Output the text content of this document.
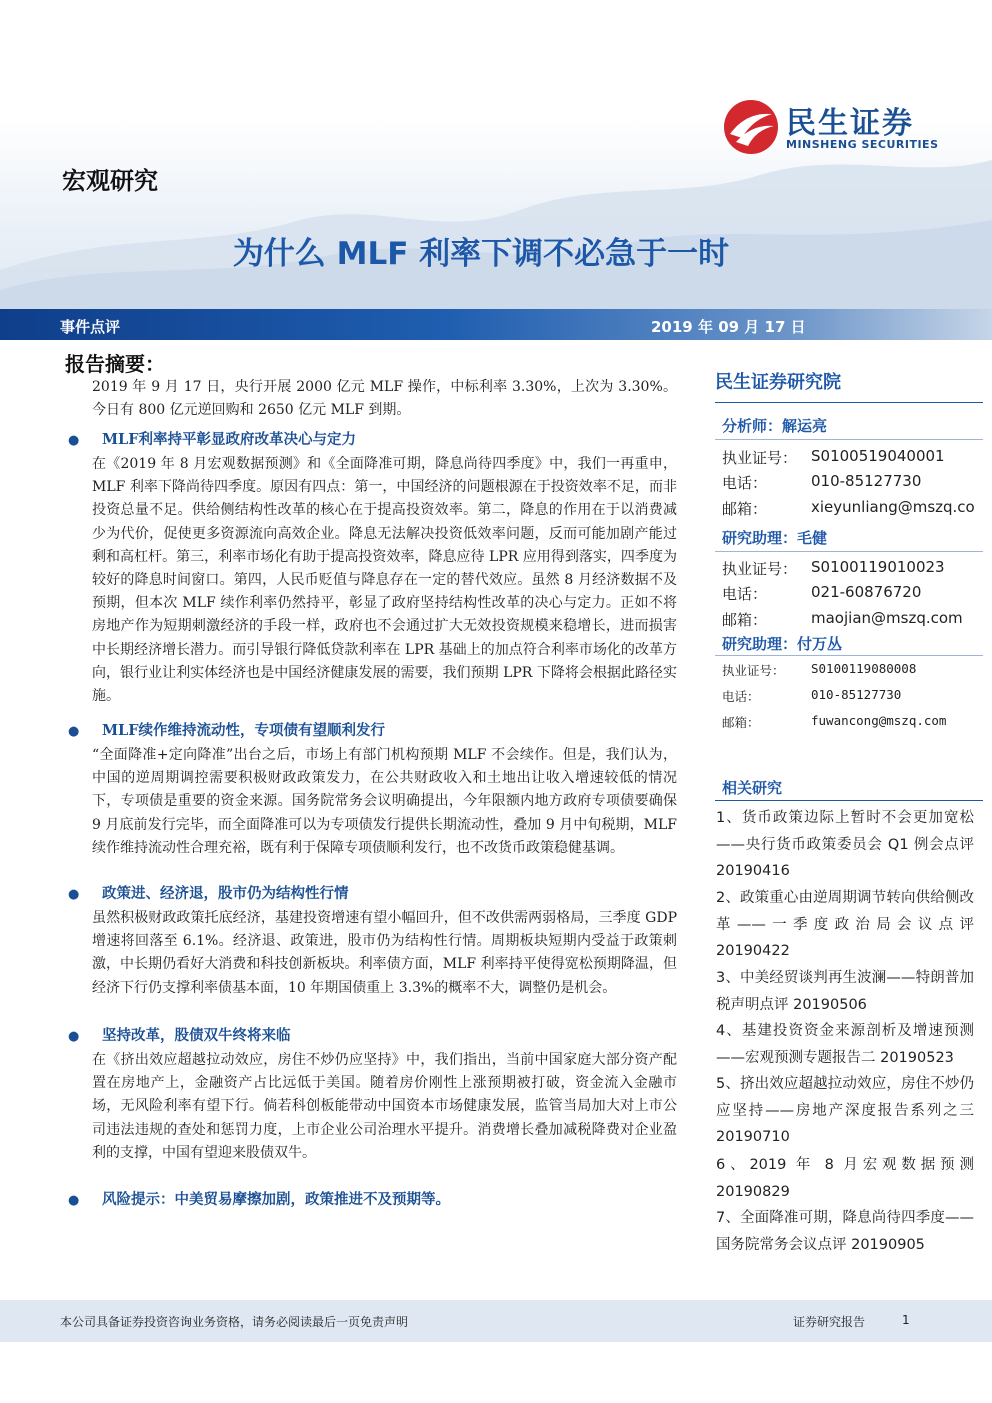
民生证券
MINSHENG SECURITIES
宏观研究
为什么 MLF 利率下调不必急于一时
事件点评	2019 年 09 月 17 日
报告摘要：
2019 年 9 月 17 日，央行开展 2000 亿元 MLF 操作，中标利率 3.30%，上次为 3.30%。今日有 800 亿元逆回购和 2650 亿元 MLF 到期。
● MLF利率持平彰显政府改革决心与定力
在《2019 年 8 月宏观数据预测》和《全面降准可期，降息尚待四季度》中，我们一再重申，MLF 利率下降尚待四季度。原因有四点：第一，中国经济的问题根源在于投资效率不足，而非投资总量不足。供给侧结构性改革的核心在于提高投资效率。第二，降息的作用在于以消费减少为代价，促使更多资源流向高效企业。降息无法解决投资低效率问题，反而可能加剧产能过剩和高杠杆。第三，利率市场化有助于提高投资效率，降息应待 LPR 应用得到落实，四季度为较好的降息时间窗口。第四，人民币贬值与降息存在一定的替代效应。虽然 8 月经济数据不及预期，但本次 MLF 续作利率仍然持平，彰显了政府坚持结构性改革的决心与定力。正如不将房地产作为短期刺激经济的手段一样，政府也不会通过扩大无效投资规模来稳增长，进而损害中长期经济增长潜力。而引导银行降低贷款利率在 LPR 基础上的加点符合利率市场化的改革方向，银行业让利实体经济也是中国经济健康发展的需要，我们预期 LPR 下降将会根据此路径实施。
● MLF续作维持流动性，专项债有望顺利发行
“全面降准+定向降准”出台之后，市场上有部门机构预期 MLF 不会续作。但是，我们认为，中国的逆周期调控需要积极财政政策发力，在公共财政收入和土地出让收入增速较低的情况下，专项债是重要的资金来源。国务院常务会议明确提出，今年限额内地方政府专项债要确保 9 月底前发行完毕，而全面降准可以为专项债发行提供长期流动性，叠加 9 月中旬税期，MLF 续作维持流动性合理充裕，既有利于保障专项债顺利发行，也不改货币政策稳健基调。
● 政策进、经济退，股市仍为结构性行情
虽然积极财政政策托底经济，基建投资增速有望小幅回升，但不改供需两弱格局，三季度 GDP 增速将回落至 6.1%。经济退、政策进，股市仍为结构性行情。周期板块短期内受益于政策刺激，中长期仍看好大消费和科技创新板块。利率债方面，MLF 利率持平使得宽松预期降温，但经济下行仍支撑利率债基本面，10 年期国债重上 3.3%的概率不大，调整仍是机会。
● 坚持改革，股债双牛终将来临
在《挤出效应超越拉动效应，房住不炒仍应坚持》中，我们指出，当前中国家庭大部分资产配置在房地产上，金融资产占比远低于美国。随着房价刚性上涨预期被打破，资金流入金融市场，无风险利率有望下行。倘若科创板能带动中国资本市场健康发展，监管当局加大对上市公司违法违规的查处和惩罚力度，上市企业公司治理水平提升。消费增长叠加减税降费对企业盈利的支撑，中国有望迎来股债双牛。
● 风险提示：中美贸易摩擦加剧，政策推进不及预期等。
民生证券研究院
分析师：解运亮
执业证号： S0100519040001
电话：	010-85127730
邮箱：	xieyunliang@mszq.co
研究助理：毛健
执业证号： S0100119010023
电话：	021-60876720
邮箱：	maojian@mszq.com
研究助理：付万丛
执业证号： S0100119080008
电话：	010-85127730
邮箱：	fuwancong@mszq.com
相关研究
1、货币政策边际上暂时不会更加宽松——央行货币政策委员会 Q1 例会点评 20190416
2、政策重心由逆周期调节转向供给侧改革——一季度政治局会议点评 20190422
3、中美经贸谈判再生波澜——特朗普加税声明点评 20190506
4、基建投资资金来源剖析及增速预测——宏观预测专题报告二 20190523
5、挤出效应超越拉动效应，房住不炒仍应坚持——房地产深度报告系列之三 20190710
6、2019 年 8 月宏观数据预测 20190829
7、全面降准可期，降息尚待四季度——国务院常务会议点评 20190905
本公司具备证券投资咨询业务资格，请务必阅读最后一页免责声明	证券研究报告	1
